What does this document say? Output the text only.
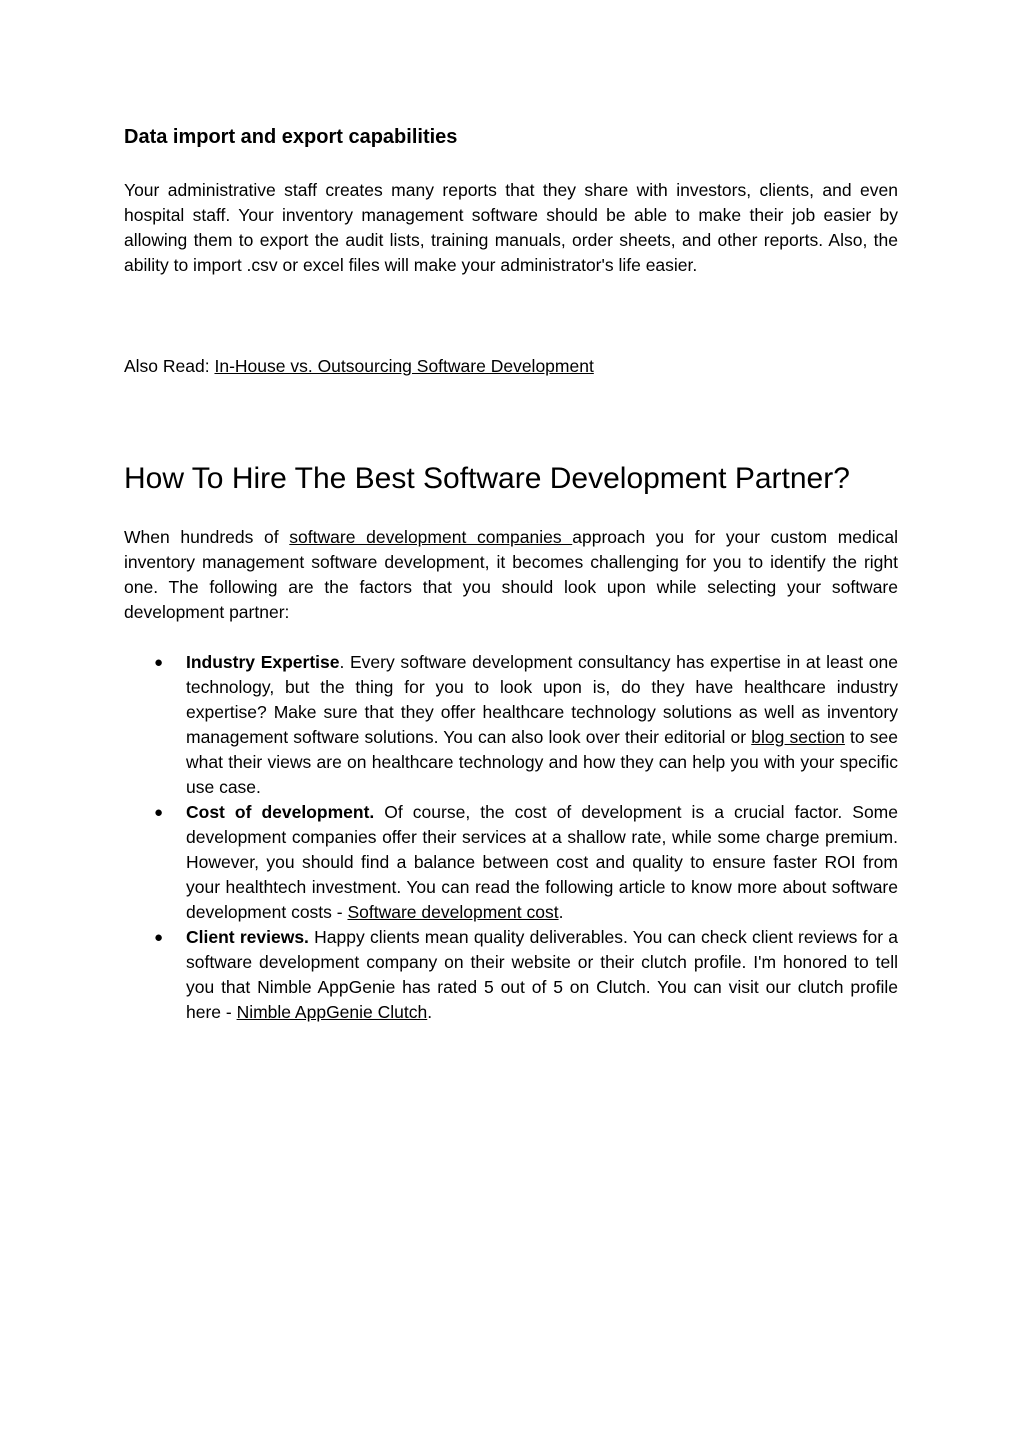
Data import and export capabilities

Your administrative staff creates many reports that they share with investors, clients, and even hospital staff. Your inventory management software should be able to make their job easier by allowing them to export the audit lists, training manuals, order sheets, and other reports. Also, the ability to import .csv or excel files will make your administrator's life easier.

Also Read: In-House vs. Outsourcing Software Development

How To Hire The Best Software Development Partner?

When hundreds of software development companies approach you for your custom medical inventory management software development, it becomes challenging for you to identify the right one. The following are the factors that you should look upon while selecting your software development partner:

● Industry Expertise. Every software development consultancy has expertise in at least one technology, but the thing for you to look upon is, do they have healthcare industry expertise? Make sure that they offer healthcare technology solutions as well as inventory management software solutions. You can also look over their editorial or blog section to see what their views are on healthcare technology and how they can help you with your specific use case.
● Cost of development. Of course, the cost of development is a crucial factor. Some development companies offer their services at a shallow rate, while some charge premium. However, you should find a balance between cost and quality to ensure faster ROI from your healthtech investment. You can read the following article to know more about software development costs - Software development cost.
● Client reviews. Happy clients mean quality deliverables. You can check client reviews for a software development company on their website or their clutch profile. I'm honored to tell you that Nimble AppGenie has rated 5 out of 5 on Clutch. You can visit our clutch profile here - Nimble AppGenie Clutch.
